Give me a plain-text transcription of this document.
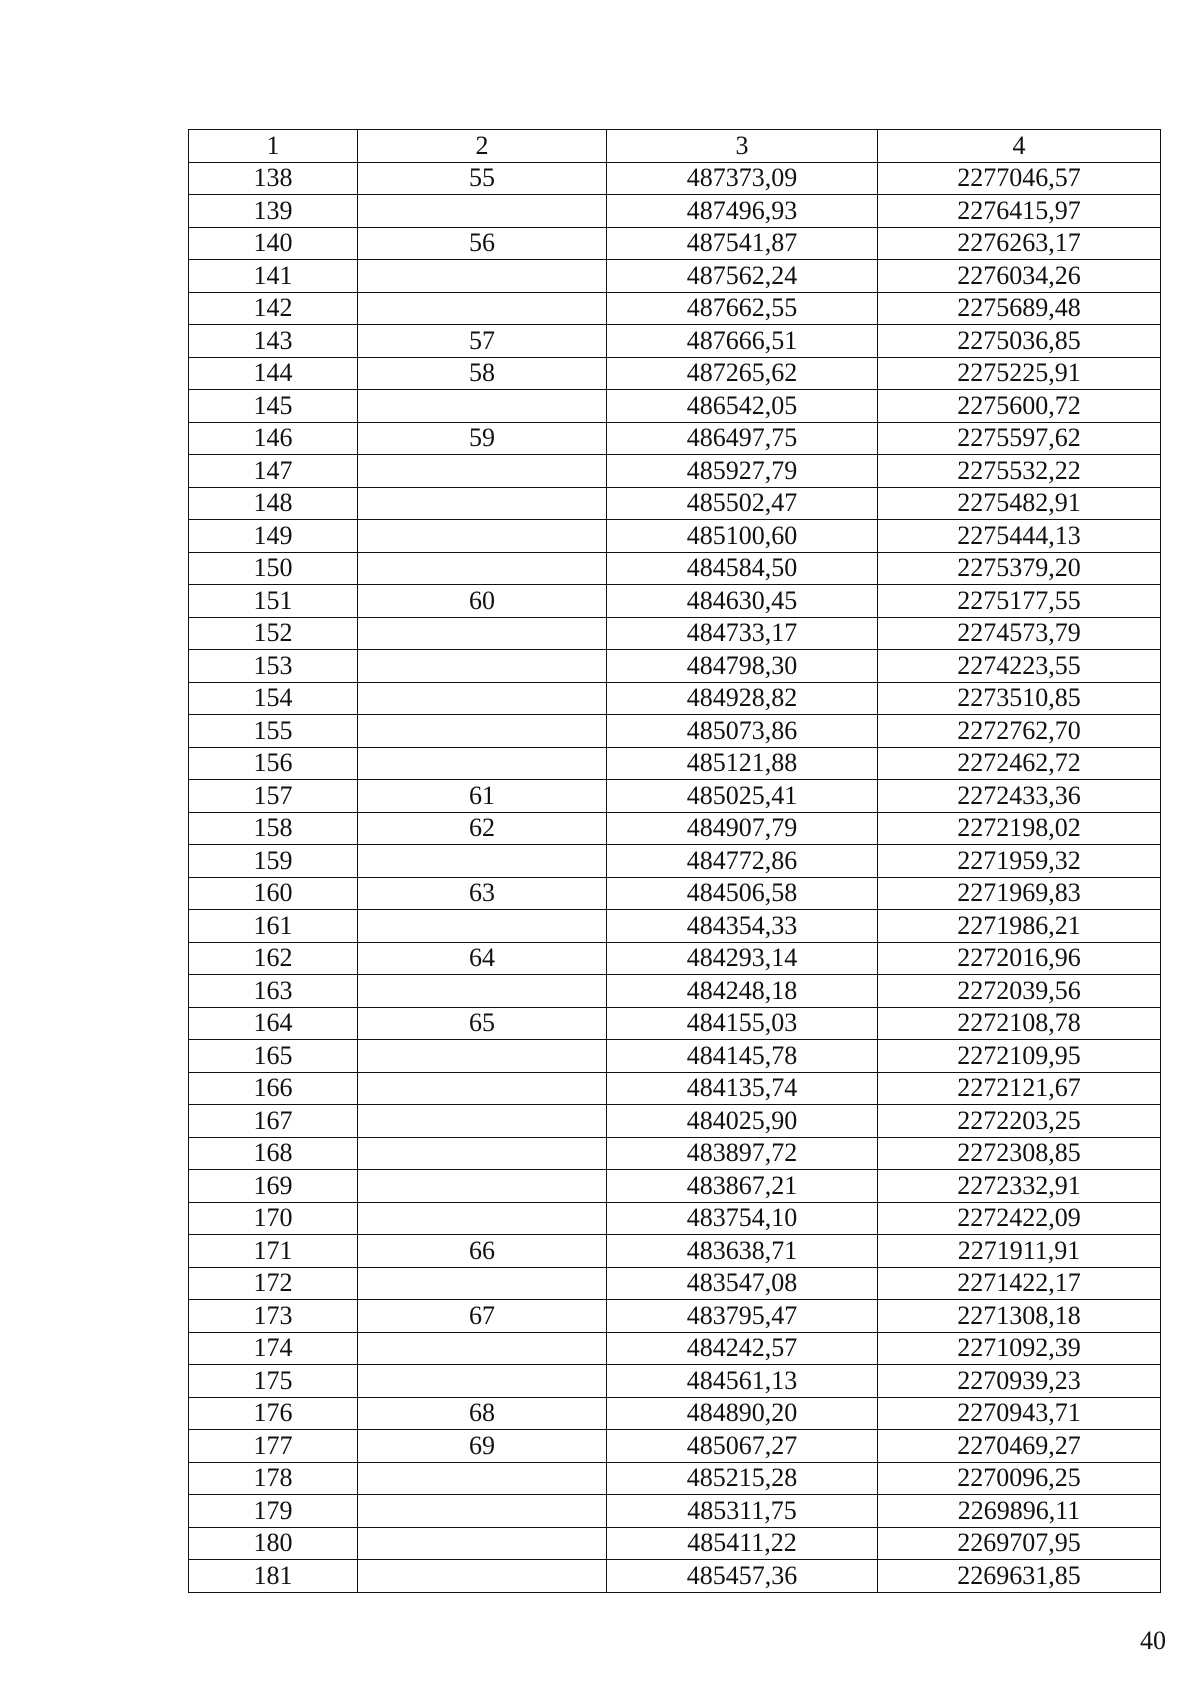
1	2	3	4
138	55	487373,09	2277046,57
139		487496,93	2276415,97
140	56	487541,87	2276263,17
141		487562,24	2276034,26
142		487662,55	2275689,48
143	57	487666,51	2275036,85
144	58	487265,62	2275225,91
145		486542,05	2275600,72
146	59	486497,75	2275597,62
147		485927,79	2275532,22
148		485502,47	2275482,91
149		485100,60	2275444,13
150		484584,50	2275379,20
151	60	484630,45	2275177,55
152		484733,17	2274573,79
153		484798,30	2274223,55
154		484928,82	2273510,85
155		485073,86	2272762,70
156		485121,88	2272462,72
157	61	485025,41	2272433,36
158	62	484907,79	2272198,02
159		484772,86	2271959,32
160	63	484506,58	2271969,83
161		484354,33	2271986,21
162	64	484293,14	2272016,96
163		484248,18	2272039,56
164	65	484155,03	2272108,78
165		484145,78	2272109,95
166		484135,74	2272121,67
167		484025,90	2272203,25
168		483897,72	2272308,85
169		483867,21	2272332,91
170		483754,10	2272422,09
171	66	483638,71	2271911,91
172		483547,08	2271422,17
173	67	483795,47	2271308,18
174		484242,57	2271092,39
175		484561,13	2270939,23
176	68	484890,20	2270943,71
177	69	485067,27	2270469,27
178		485215,28	2270096,25
179		485311,75	2269896,11
180		485411,22	2269707,95
181		485457,36	2269631,85
40
